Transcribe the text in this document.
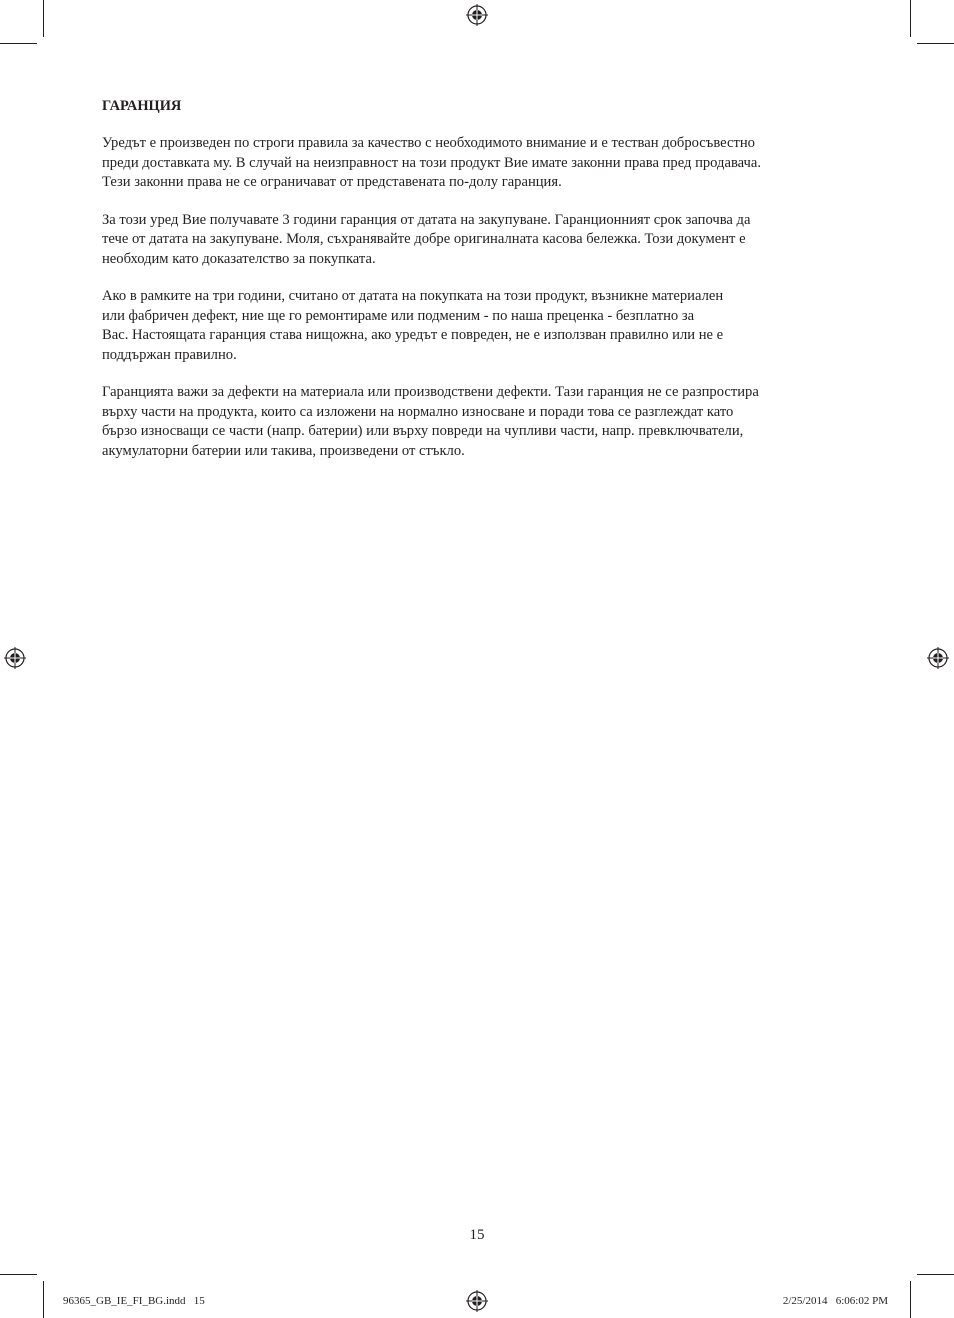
ГАРАНЦИЯ
Уредът е произведен по строги правила за качество с необходимото внимание и е тестван добросъвестно
преди доставката му. В случай на неизправност на този продукт Вие имате законни права пред продавача.
Тези законни права не се ограничават от представената по-долу гаранция.
За този уред Вие получавате 3 години гаранция от датата на закупуване. Гаранционният срок започва да
тече от датата на закупуване. Моля, съхранявайте добре оригиналната касова бележка. Този документ е
необходим като доказателство за покупката.
Ако в рамките на три години, считано от датата на покупката на този продукт, възникне материален
или фабричен дефект, ние ще го ремонтираме или подменим - по наша преценка - безплатно за
Вас. Настоящата гаранция става нищожна, ако уредът е повреден, не е използван правилно или не е
поддържан правилно.
Гаранцията важи за дефекти на материала или производствени дефекти. Тази гаранция не се разпростира
върху части на продукта, които са изложени на нормално износване и поради това се разглеждат като
бързо износващи се части (напр. батерии) или върху повреди на чупливи части, напр. превключватели,
акумулаторни батерии или такива, произведени от стъкло.
15
96365_GB_IE_FI_BG.indd   15	2/25/2014   6:06:02 PM
